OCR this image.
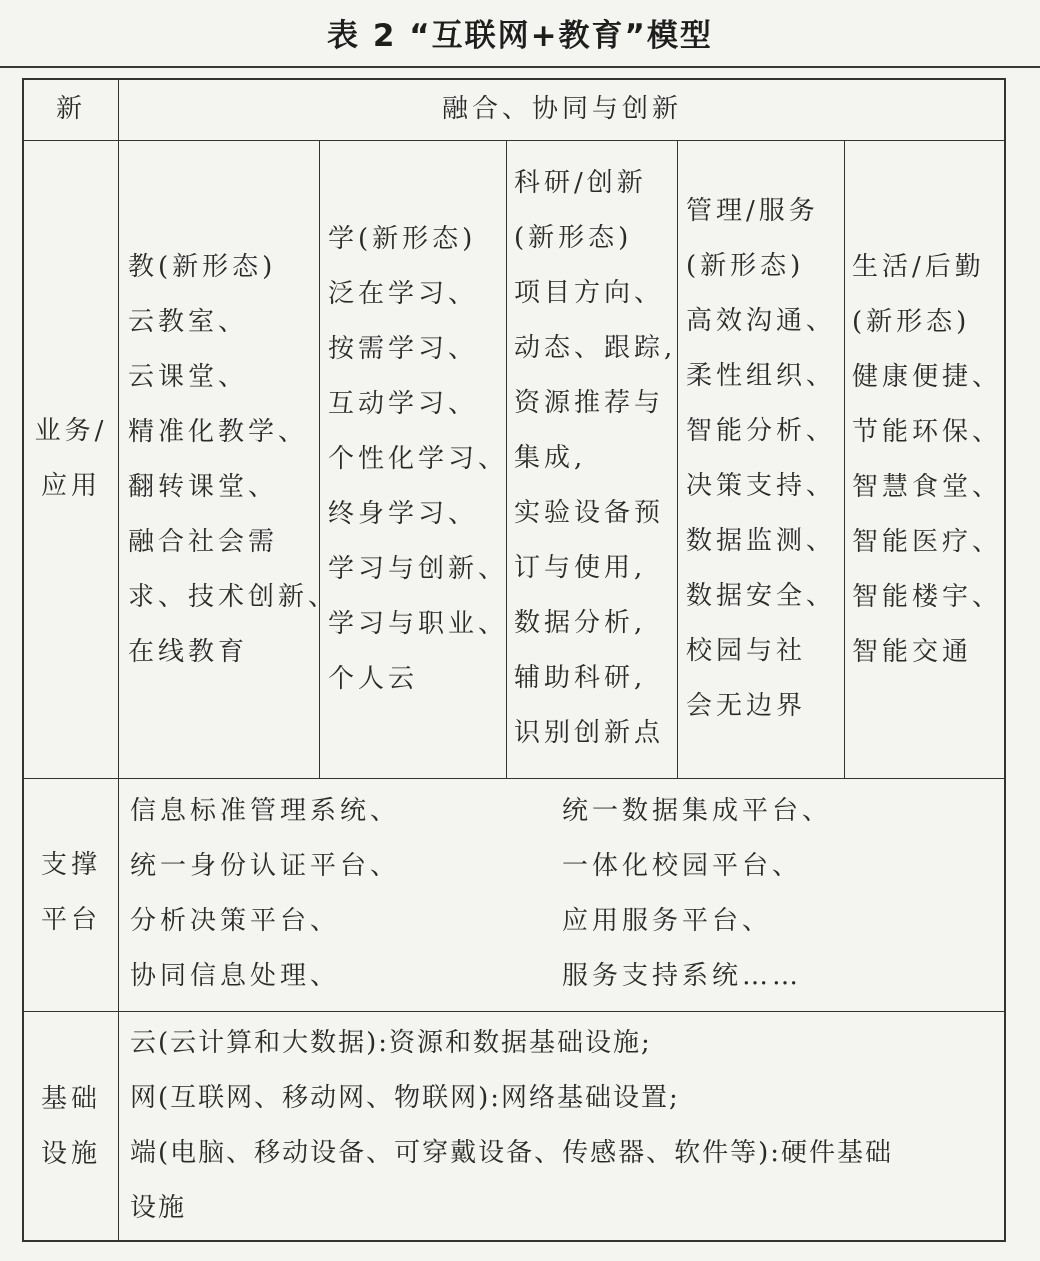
表 2 “互联网+教育”模型
新	融合、协同与创新
业务/
应用
教(新形态)
云教室、
云课堂、
精准化教学、
翻转课堂、
融合社会需
求、技术创新、
在线教育
学(新形态)
泛在学习、
按需学习、
互动学习、
个性化学习、
终身学习、
学习与创新、
学习与职业、
个人云
科研/创新
(新形态)
项目方向、
动态、跟踪,
资源推荐与
集成,
实验设备预
订与使用,
数据分析,
辅助科研,
识别创新点
管理/服务
(新形态)
高效沟通、
柔性组织、
智能分析、
决策支持、
数据监测、
数据安全、
校园与社
会无边界
生活/后勤
(新形态)
健康便捷、
节能环保、
智慧食堂、
智能医疗、
智能楼宇、
智能交通
支撑
平台
信息标准管理系统、
统一身份认证平台、
分析决策平台、
协同信息处理、
统一数据集成平台、
一体化校园平台、
应用服务平台、
服务支持系统……
基础
设施
云(云计算和大数据):资源和数据基础设施;
网(互联网、移动网、物联网):网络基础设置;
端(电脑、移动设备、可穿戴设备、传感器、软件等):硬件基础
设施
